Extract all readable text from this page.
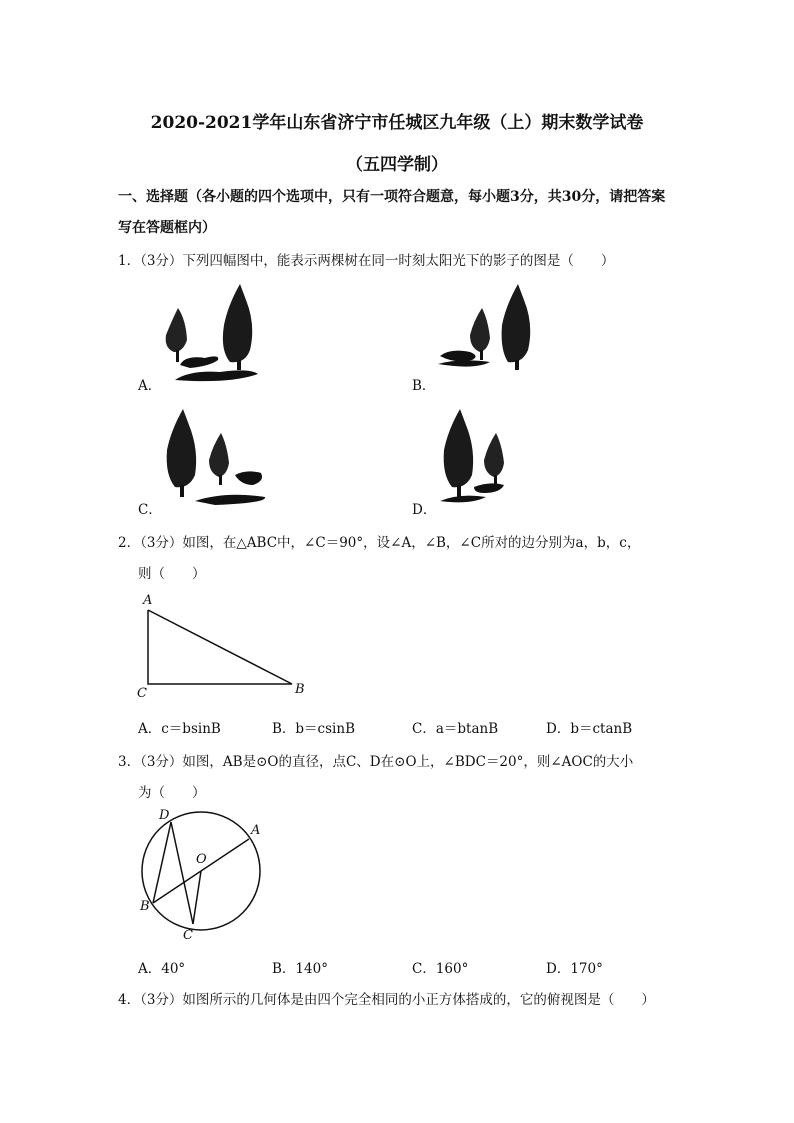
2020-2021学年山东省济宁市任城区九年级（上）期末数学试卷
（五四学制）
一、选择题（各小题的四个选项中，只有一项符合题意，每小题3分，共30分，请把答案
写在答题框内）
1．（3分）下列四幅图中，能表示两棵树在同一时刻太阳光下的影子的图是（　　）
A．	B．
C．	D．
2．（3分）如图，在△ABC中，∠C＝90°，设∠A，∠B，∠C所对的边分别为a，b，c，
则（　　）
A
C	B
A．c＝bsinB	B．b＝csinB	C．a＝btanB	D．b＝ctanB
3．（3分）如图，AB是⊙O的直径，点C、D在⊙O上，∠BDC＝20°，则∠AOC的大小
为（　　）
D
A
O
B
C
A．40°	B．140°	C．160°	D．170°
4．（3分）如图所示的几何体是由四个完全相同的小正方体搭成的，它的俯视图是（　　）
